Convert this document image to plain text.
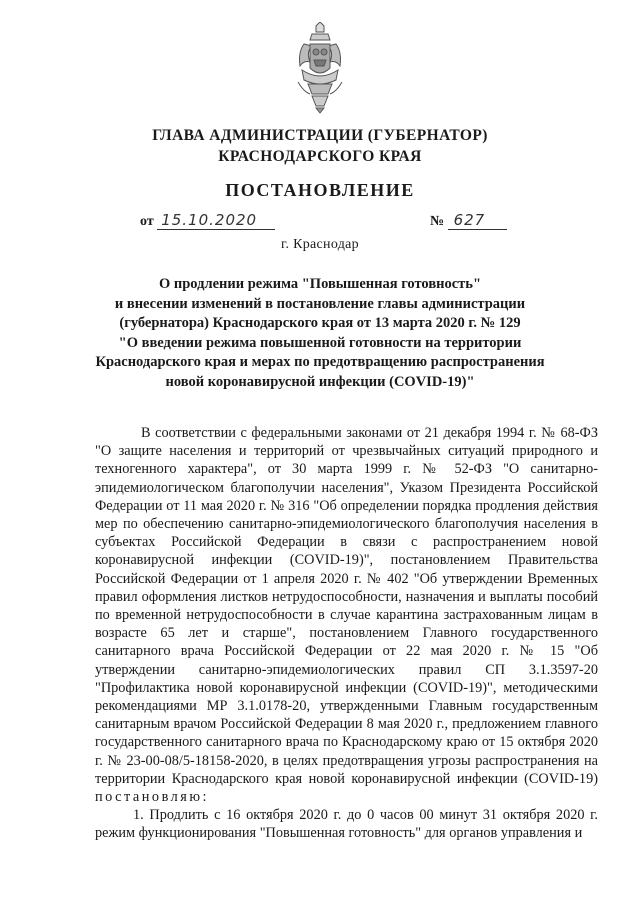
ГЛАВА АДМИНИСТРАЦИИ (ГУБЕРНАТОР)
КРАСНОДАРСКОГО КРАЯ
ПОСТАНОВЛЕНИЕ
от 15.10.2020	№ 627
г. Краснодар
О продлении режима "Повышенная готовность"
и внесении изменений в постановление главы администрации
(губернатора) Краснодарского края от 13 марта 2020 г. № 129
"О введении режима повышенной готовности на территории
Краснодарского края и мерах по предотвращению распространения
новой коронавирусной инфекции (COVID-19)"

В соответствии с федеральными законами от 21 декабря 1994 г. № 68-ФЗ "О защите населения и территорий от чрезвычайных ситуаций природного и техногенного характера", от 30 марта 1999 г. № 52-ФЗ "О санитарно-эпидемиологическом благополучии населения", Указом Президента Российской Федерации от 11 мая 2020 г. № 316 "Об определении порядка продления действия мер по обеспечению санитарно-эпидемиологического благополучия населения в субъектах Российской Федерации в связи с распространением новой коронавирусной инфекции (COVID-19)", постановлением Правительства Российской Федерации от 1 апреля 2020 г. № 402 "Об утверждении Временных правил оформления листков нетрудоспособности, назначения и выплаты пособий по временной нетрудоспособности в случае карантина застрахованным лицам в возрасте 65 лет и старше", постановлением Главного государственного санитарного врача Российской Федерации от 22 мая 2020 г. № 15 "Об утверждении санитарно-эпидемиологических правил СП 3.1.3597-20 "Профилактика новой коронавирусной инфекции (COVID-19)", методическими рекомендациями МР 3.1.0178-20, утвержденными Главным государственным санитарным врачом Российской Федерации 8 мая 2020 г., предложением главного государственного санитарного врача по Краснодарскому краю от 15 октября 2020 г. № 23-00-08/5-18158-2020, в целях предотвращения угрозы распространения на территории Краснодарского края новой коронавирусной инфекции (COVID-19) постановляю:

1. Продлить с 16 октября 2020 г. до 0 часов 00 минут 31 октября 2020 г. режим функционирования "Повышенная готовность" для органов управления и
